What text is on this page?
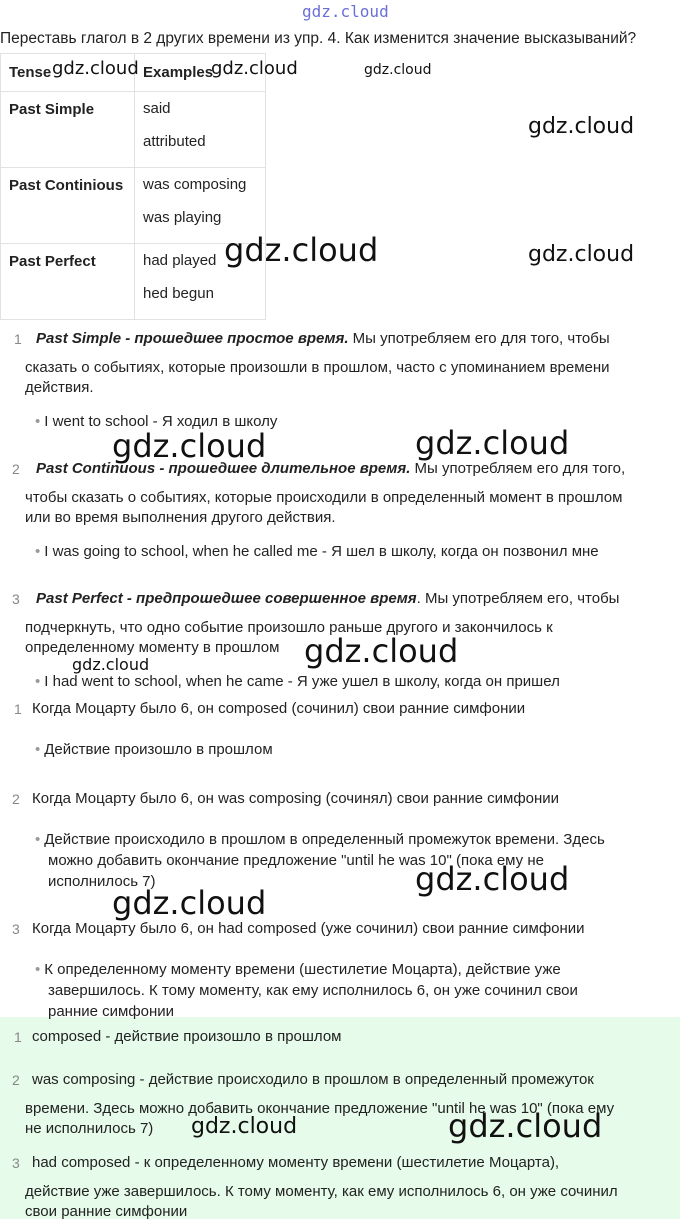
gdz.cloud
Переставь глагол в 2 других времени из упр. 4. Как изменится значение высказываний?
Tense	Examples
Past Simple	said
attributed

Past Continious	was composing
was playing

Past Perfect	had played
hed begun
1 Past Simple - прошедшее простое время. Мы употребляем его для того, чтобы
сказать о событиях, которые произошли в прошлом, часто с упоминанием времени
действия.
• I went to school - Я ходил в школу
2 Past Continuous - прошедшее длительное время. Мы употребляем его для того,
чтобы сказать о событиях, которые происходили в определенный момент в прошлом
или во время выполнения другого действия.
• I was going to school, when he called me - Я шел в школу, когда он позвонил мне
3 Past Perfect - предпрошедшее совершенное время. Мы употребляем его, чтобы
подчеркнуть, что одно событие произошло раньше другого и закончилось к
определенному моменту в прошлом
• I had went to school, when he came - Я уже ушел в школу, когда он пришел
1 Когда Моцарту было 6, он composed (сочинил) свои ранние симфонии
• Действие произошло в прошлом
2 Когда Моцарту было 6, он was composing (сочинял) свои ранние симфонии
• Действие происходило в прошлом в определенный промежуток времени. Здесь
можно добавить окончание предложение "until he was 10" (пока ему не
исполнилось 7)
3 Когда Моцарту было 6, он had composed (уже сочинил) свои ранние симфонии
• К определенному моменту времени (шестилетие Моцарта), действие уже
завершилось. К тому моменту, как ему исполнилось 6, он уже сочинил свои
ранние симфонии
1 composed - действие произошло в прошлом
2 was composing - действие происходило в прошлом в определенный промежуток
времени. Здесь можно добавить окончание предложение "until he was 10" (пока ему
не исполнилось 7)
3 had composed - к определенному моменту времени (шестилетие Моцарта),
действие уже завершилось. К тому моменту, как ему исполнилось 6, он уже сочинил
свои ранние симфонии
gdz.cloud	gdz.cloud	gdz.cloud
gdz.cloud
gdz.cloud	gdz.cloud
gdz.cloud	gdz.cloud
gdz.cloud	gdz.cloud
gdz.cloud
gdz.cloud
gdz.cloud	gdz.cloud
